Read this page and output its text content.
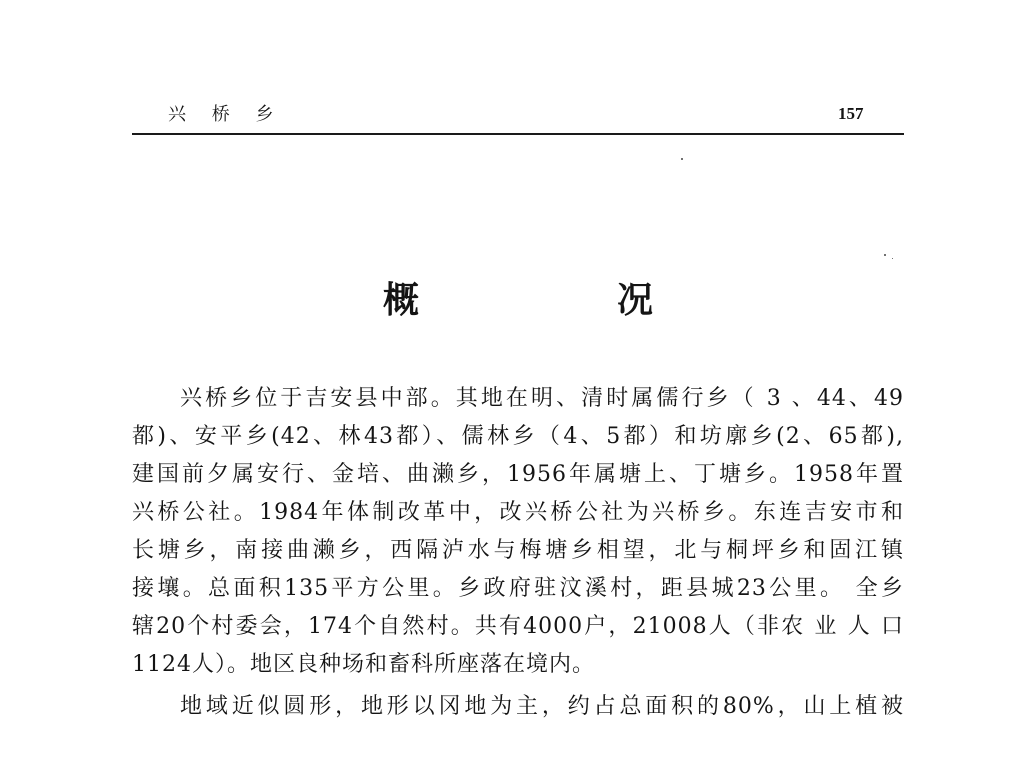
兴 桥 乡	157
概	况
兴桥乡位于吉安县中部。其地在明、清时属儒行乡（ 3 、44、49
都)、安平乡(42、林43都）、儒林乡（4、5都）和坊廓乡(2、65都),
建国前夕属安行、金培、曲濑乡，1956年属塘上、丁塘乡。1958年置
兴桥公社。1984年体制改革中，改兴桥公社为兴桥乡。东连吉安市和
长塘乡，南接曲濑乡，西隔泸水与梅塘乡相望，北与桐坪乡和固江镇
接壤。总面积135平方公里。乡政府驻汶溪村，距县城23公里。 全乡
辖20个村委会，174个自然村。共有4000户，21008人（非农 业 人 口
1124人）。地区良种场和畜科所座落在境内。
地域近似圆形，地形以冈地为主，约占总面积的80%，山上植被
